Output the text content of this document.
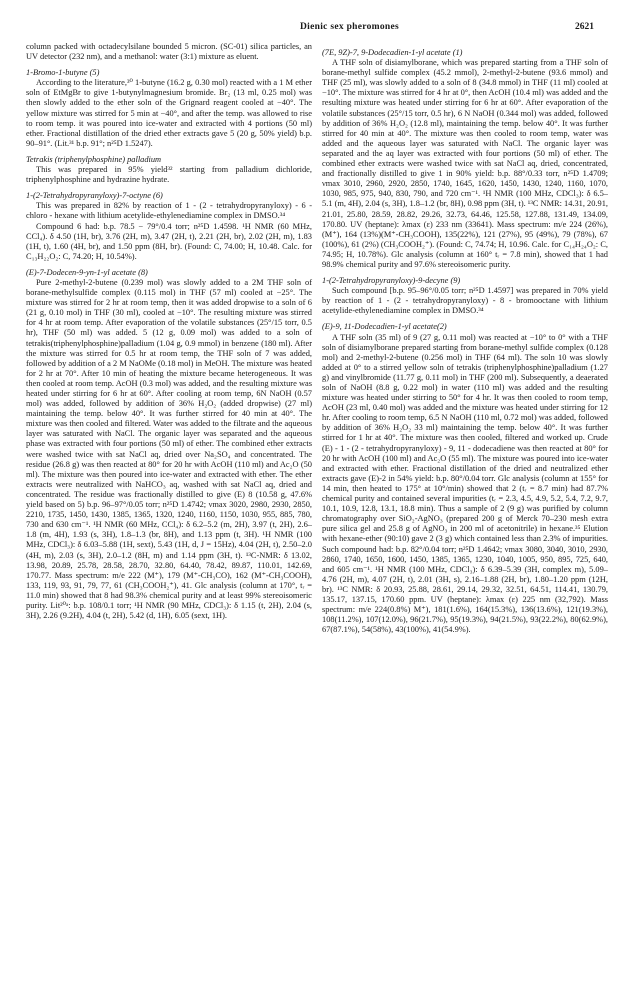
Dienic sex pheromones	2621

column packed with octadecylsilane bounded 5 micron. (SC-01) silica particles, an UV detector (232 nm), and a methanol: water (3:1) mixture as eluent.

1-Bromo-1-butyne (5)

According to the literature,³⁰ 1-butyne (16.2 g, 0.30 mol) reacted with a 1 M ether soln of EtMgBr to give 1-butynylmagnesium bromide. Br₂ (13 ml, 0.25 mol) was then slowly added to the ether soln of the Grignard reagent cooled at −40°. The yellow mixture was stirred for 5 min at −40°, and after the temp. was allowed to rise to room temp. it was poured into ice-water and extracted with 4 portions (50 ml) ether. Fractional distillation of the dried ether extracts gave 5 (20 g, 50% yield) b.p. 90–91°. (Lit.³¹ b.p. 91°; n²⁵D 1.5247).

Tetrakis (triphenylphosphine) palladium

This was prepared in 95% yield³² starting from palladium dichloride, triphenylphosphine and hydrazine hydrate.

1-(2-Tetrahydropyranyloxy)-7-octyne (6)

This was prepared in 82% by reaction of 1 - (2 - tetrahydropyranyloxy) - 6 - chloro - hexane with lithium acetylide-ethylenediamine complex in DMSO.³⁴

Compound 6 had: b.p. 78.5 − 79°/0.4 torr; n²⁵D 1.4598. ¹H NMR (60 MHz, CCl₄). δ 4.50 (1H, br), 3.76 (2H, m), 3.47 (2H, t), 2.21 (2H, br), 2.02 (2H, m), 1.83 (1H, t), 1.60 (4H, br), and 1.50 ppm (8H, br). (Found: C, 74.00; H, 10.48. Calc. for C₁₃H₂₂O₂: C, 74.20; H, 10.54%).

(E)-7-Dodecen-9-yn-1-yl acetate (8)

Pure 2-methyl-2-butene (0.239 mol) was slowly added to a 2M THF soln of borane-methylsulfide complex (0.115 mol) in THF (57 ml) cooled at −25°. The mixture was stirred for 2 hr at room temp, then it was added dropwise to a soln of 6 (21 g, 0.10 mol) in THF (30 ml), cooled at −10°. The resulting mixture was stirred for 4 hr at room temp. After evaporation of the volatile substances (25°/15 torr, 0.5 hr), THF (50 ml) was added. 5 (12 g, 0.09 mol) was added to a soln of tetrakis(triphenylphosphine)palladium (1.04 g, 0.9 mmol) in benzene (180 ml). After the mixture was stirred for 0.5 hr at room temp, the THF soln of 7 was added, followed by addition of a 2 M NaOMe (0.18 mol) in MeOH. The mixture was heated for 2 hr at 70°. After 10 min of heating the mixture became heterogeneous. It was then cooled at room temp. AcOH (0.3 mol) was added, and the resulting mixture was heated under stirring for 6 hr at 60°. After cooling at room temp, 6N NaOH (0.57 mol) was added, followed by addition of 36% H₂O₂ (added dropwise) (27 ml) maintaining the temp. below 40°. It was further stirred for 40 min at 40°. The mixture was then cooled and filtered. Water was added to the filtrate and the aqueous layer was saturated with NaCl. The organic layer was separated and the aqueous phase was extracted with four portions (50 ml) of ether. The combined ether extracts were washed twice with sat NaCl aq, dried over Na₂SO₄ and concentrated. The residue (26.8 g) was then reacted at 80° for 20 hr with AcOH (110 ml) and Ac₂O (50 ml). The mixture was then poured into ice-water and extracted with ether. The ether extracts were neutralized with NaHCO₃ aq, washed with sat NaCl aq, dried and concentrated. The residue was fractionally distilled to give (E) 8 (10.58 g, 47.6% yield based on 5) b.p. 96–97°/0.05 torr; n²⁵D 1.4742; νmax 3020, 2980, 2930, 2850, 2210, 1735, 1450, 1430, 1385, 1365, 1320, 1240, 1160, 1150, 1030, 955, 885, 780, 730 and 630 cm⁻¹. ¹H NMR (60 MHz, CCl₄): δ 6.2–5.2 (m, 2H), 3.97 (t, 2H), 2.6–1.8 (m, 4H), 1.93 (s, 3H), 1.8–1.3 (br, 8H), and 1.13 ppm (t, 3H). ¹H NMR (100 MHz, CDCl₃): δ 6.03–5.88 (1H, sext), 5.43 (1H, d, J = 15Hz), 4.04 (2H, t), 2.50–2.0 (4H, m), 2.03 (s, 3H), 2.0–1.2 (8H, m) and 1.14 ppm (3H, t). ¹³C-NMR: δ 13.02, 13.98, 20.89, 25.78, 28.58, 28.70, 32.80, 64.40, 78.42, 89.87, 110.01, 142.69, 170.77. Mass spectrum: m/e 222 (M⁺), 179 (M⁺-CH₃CO), 162 (M⁺-CH₃COOH), 133, 119, 93, 91, 79, 77, 61 (CH₃COOH₂⁺), 41. Glc analysis (column at 170°, tᵣ = 11.0 min) showed that 8 had 98.3% chemical purity and at least 99% stereoisomeric purity. Lit²⁰ᵃ: b.p. 108/0.1 torr; ¹H NMR (90 MHz, CDCl₃): δ 1.15 (t, 2H), 2.04 (s, 3H), 2.26 (9.2H), 4.04 (t, 2H), 5.42 (d, 1H), 6.05 (sext, 1H).

(7E, 9Z)-7, 9-Dodecadien-1-yl acetate (1)

A THF soln of disiamylborane, which was prepared starting from a THF soln of borane-methyl sulfide complex (45.2 mmol), 2-methyl-2-butene (93.6 mmol) and THF (25 ml), was slowly added to a soln of 8 (34.8 mmol) in THF (11 ml) cooled at −10°. The mixture was stirred for 4 hr at 0°, then AcOH (10.4 ml) was added and the resulting mixture was heated under stirring for 6 hr at 60°. After evaporation of the volatile substances (25°/15 torr, 0.5 hr), 6 N NaOH (0.344 mol) was added, followed by addition of 36% H₂O₂ (12.8 ml), maintaining the temp. below 40°. It was further stirred for 40 min at 40°. The mixture was then cooled to room temp, water was added and the aqueous layer was saturated with NaCl. The organic layer was separated and the aq layer was extracted with four portions (50 ml) of ether. The combined ether extracts were washed twice with sat NaCl aq, dried, concentrated, and fractionally distilled to give 1 in 90% yield: b.p. 88°/0.33 torr, n²⁵D 1.4709; νmax 3010, 2960, 2920, 2850, 1740, 1645, 1620, 1450, 1430, 1240, 1160, 1070, 1030, 985, 975, 940, 830, 790, and 720 cm⁻¹. ¹H NMR (100 MHz, CDCl₃): δ 6.5–5.1 (m, 4H), 2.04 (s, 3H), 1.8–1.2 (br, 8H), 0.98 ppm (3H, t). ¹³C NMR: 14.31, 20.91, 21.01, 25.80, 28.59, 28.82, 29.26, 32.73, 64.46, 125.58, 127.88, 131.49, 134.09, 170.80. UV (heptane): λmax (ε) 233 nm (33641). Mass spectrum: m/e 224 (26%), (M⁺), 164 (13%)(M⁺-CH₃COOH), 135(22%), 121 (27%), 95 (49%), 79 (78%), 67 (100%), 61 (2%) (CH₃COOH₂⁺). (Found: C, 74.74; H, 10.96. Calc. for C₁₄H₂₄O₂: C, 74.95; H, 10.78%). Glc analysis (column at 160° tᵣ = 7.8 min), showed that 1 had 98.9% chemical purity and 97.6% stereoisomeric purity.

1-(2-Tetrahydropyranyloxy)-9-decyne (9)

Such compound [b.p. 95–96°/0.05 torr; n²⁵D 1.4597] was prepared in 70% yield by reaction of 1 - (2 - tetrahydropyranyloxy) - 8 - bromooctane with lithium acetylide-ethylenediamine complex in DMSO.³⁴

(E)-9, 11-Dodecadien-1-yl acetate(2)

A THF soln (35 ml) of 9 (27 g, 0.11 mol) was reacted at −10° to 0° with a THF soln of disiamylborane prepared starting from borane-methyl sulfide complex (0.128 mol) and 2-methyl-2-butene (0.256 mol) in THF (64 ml). The soln 10 was slowly added at 0° to a stirred yellow soln of tetrakis (triphenylphosphine)palladium (1.27 g) and vinylbromide (11.77 g, 0.11 mol) in THF (200 ml). Subsequently, a deaerated soln of NaOH (8.8 g, 0.22 mol) in water (110 ml) was added and the resulting mixture was heated under stirring to 50° for 4 hr. It was then cooled to room temp, AcOH (23 ml, 0.40 mol) was added and the mixture was heated under stirring for 12 hr. After cooling to room temp, 6.5 N NaOH (110 ml, 0.72 mol) was added, followed by addition of 36% H₂O₂ 33 ml) maintaining the temp. below 40°. It was further stirred for 1 hr at 40°. The mixture was then cooled, filtered and worked up. Crude (E) - 1 - (2 - tetrahydropyranyloxy) - 9, 11 - dodecadiene was then reacted at 80° for 20 hr with AcOH (100 ml) and Ac₂O (55 ml). The mixture was poured into ice-water and extracted with ether. Fractional distillation of the dried and neutralized ether extracts gave (E)-2 in 54% yield: b.p. 80°/0.04 torr. Glc analysis (column at 155° for 14 min, then heated to 175° at 10°/min) showed that 2 (tᵣ = 8.7 min) had 87.7% chemical purity and contained several impurities (tᵣ = 2.3, 4.5, 4.9, 5.2, 5.4, 7.2, 9.7, 10.1, 10.9, 12.8, 13.1, 18.8 min). Thus a sample of 2 (9 g) was purified by column chromatography over SiO₂-AgNO₃ (prepared 200 g of Merck 70–230 mesh extra pure silica gel and 25.8 g of AgNO₃ in 200 ml of acetonitrile) in hexane.³⁵ Elution with hexane-ether (90:10) gave 2 (3 g) which contained less than 2.3% of impurities. Such compound had: b.p. 82°/0.04 torr; n²⁵D 1.4642; νmax 3080, 3040, 3010, 2930, 2860, 1740, 1650, 1600, 1450, 1385, 1365, 1230, 1040, 1005, 950, 895, 725, 640, and 605 cm⁻¹. ¹H NMR (100 MHz, CDCl₃): δ 6.39–5.39 (3H, complex m), 5.09–4.76 (2H, m), 4.07 (2H, t), 2.01 (3H, s), 2.16–1.88 (2H, br), 1.80–1.20 ppm (12H, br). ¹³C NMR: δ 20.93, 25.88, 28.61, 29.14, 29.32, 32.51, 64.51, 114.41, 130.79, 135.17, 137.15, 170.60 ppm. UV (heptane): λmax (ε) 225 nm (32,792). Mass spectrum: m/e 224(0.8%) M⁺), 181(1.6%), 164(15.3%), 136(13.6%), 121(19.3%), 108(11.2%), 107(12.0%), 96(21.7%), 95(19.3%), 94(21.5%), 93(22.2%), 80(62.9%), 67(87.1%), 54(58%), 43(100%), 41(54.9%).
